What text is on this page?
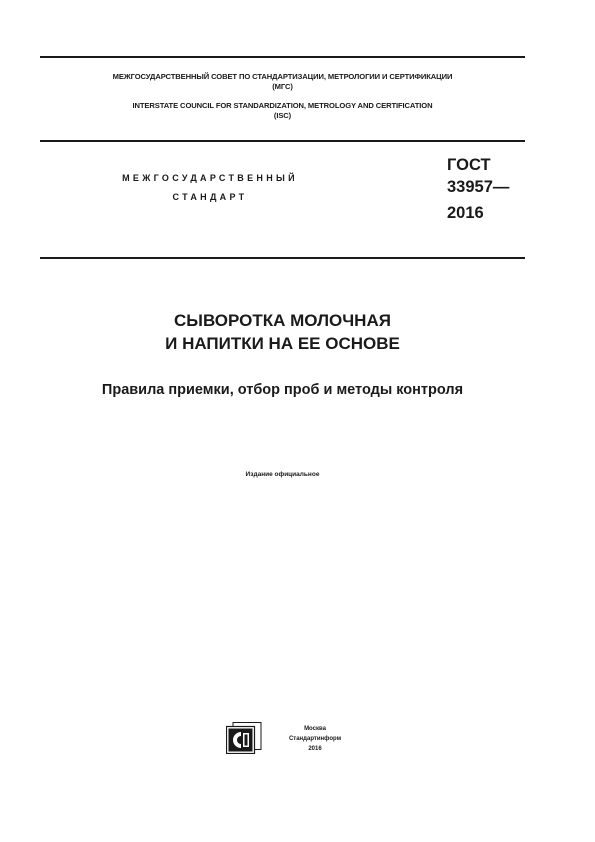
МЕЖГОСУДАРСТВЕННЫЙ СОВЕТ ПО СТАНДАРТИЗАЦИИ, МЕТРОЛОГИИ И СЕРТИФИКАЦИИ
(МГС)
INTERSTATE COUNCIL FOR STANDARDIZATION, METROLOGY AND CERTIFICATION
(ISC)
МЕЖГОСУДАРСТВЕННЫЙ
СТАНДАРТ
ГОСТ
33957—
2016
СЫВОРОТКА МОЛОЧНАЯ
И НАПИТКИ НА ЕЕ ОСНОВЕ
Правила приемки, отбор проб и методы контроля
Издание официальное
Москва
Стандартинформ
2016
